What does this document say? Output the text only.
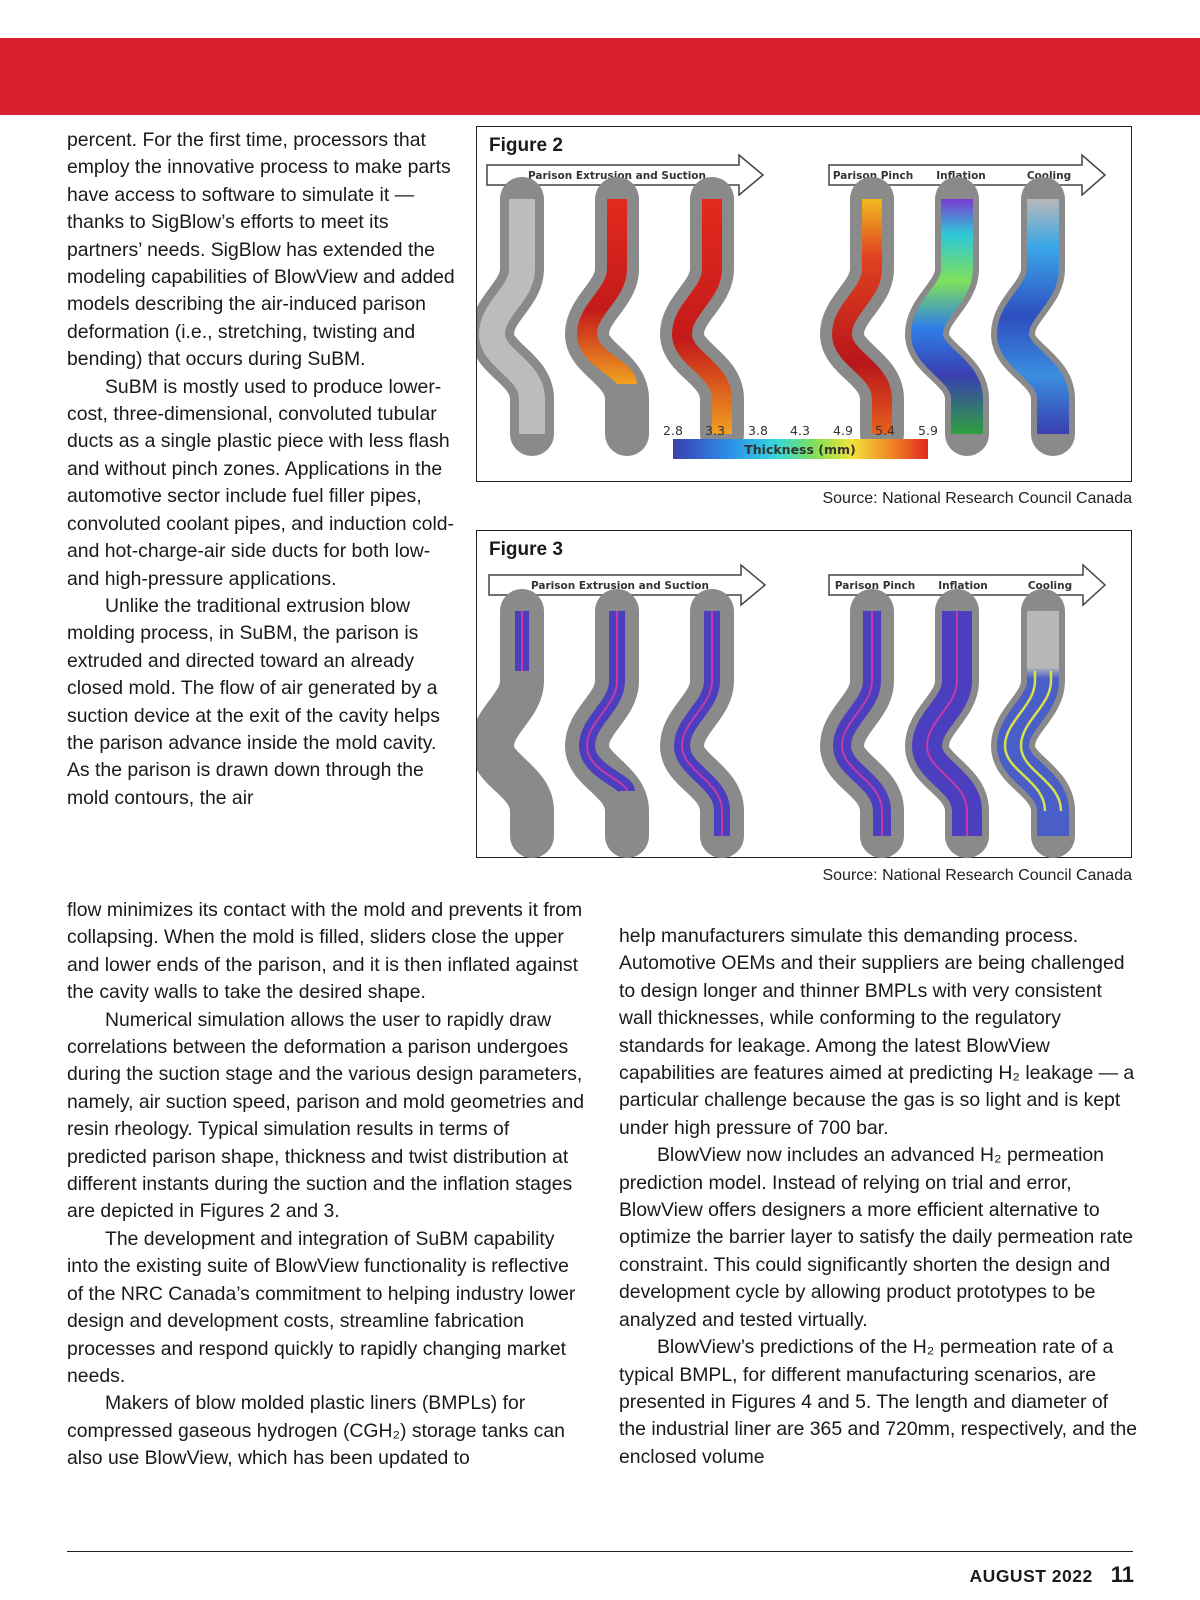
percent. For the first time, processors that employ the innovative process to make parts have access to software to simulate it — thanks to SigBlow’s efforts to meet its partners’ needs. SigBlow has extended the modeling capabilities of BlowView and added models describing the air-induced parison deformation (i.e., stretching, twisting and bending) that occurs during SuBM.

SuBM is mostly used to produce lower-cost, three-dimensional, convoluted tubular ducts as a single plastic piece with less flash and without pinch zones. Applications in the automotive sector include fuel filler pipes, convoluted coolant pipes, and induction cold- and hot-charge-air side ducts for both low- and high-pressure applications.

Unlike the traditional extrusion blow molding process, in SuBM, the parison is extruded and directed toward an already closed mold. The flow of air generated by a suction device at the exit of the cavity helps the parison advance inside the mold cavity. As the parison is drawn down through the mold contours, the air

flow minimizes its contact with the mold and prevents it from collapsing. When the mold is filled, sliders close the upper and lower ends of the parison, and it is then inflated against the cavity walls to take the desired shape.

Numerical simulation allows the user to rapidly draw correlations between the deformation a parison undergoes during the suction stage and the various design parameters, namely, air suction speed, parison and mold geometries and resin rheology. Typical simulation results in terms of predicted parison shape, thickness and twist distribution at different instants during the suction and the inflation stages are depicted in Figures 2 and 3.

The development and integration of SuBM capability into the existing suite of BlowView functionality is reflective of the NRC Canada’s commitment to helping industry lower design and development costs, streamline fabrication processes and respond quickly to rapidly changing market needs.

Makers of blow molded plastic liners (BMPLs) for compressed gaseous hydrogen (CGH₂) storage tanks can also use BlowView, which has been updated to

help manufacturers simulate this demanding process. Automotive OEMs and their suppliers are being challenged to design longer and thinner BMPLs with very consistent wall thicknesses, while conforming to the regulatory standards for leakage. Among the latest BlowView capabilities are features aimed at predicting H₂ leakage — a particular challenge because the gas is so light and is kept under high pressure of 700 bar.

BlowView now includes an advanced H₂ permeation prediction model. Instead of relying on trial and error, BlowView offers designers a more efficient alternative to optimize the barrier layer to satisfy the daily permeation rate constraint. This could significantly shorten the design and development cycle by allowing product prototypes to be analyzed and tested virtually.

BlowView’s predictions of the H₂ permeation rate of a typical BMPL, for different manufacturing scenarios, are presented in Figures 4 and 5. The length and diameter of the industrial liner are 365 and 720mm, respectively, and the enclosed volume

Parison Extrusion and Suction	Parison Pinch Inflation	Cooling
2.8 3.3 3.8 4.3 4.9 5.4 5.9
Thickness (mm)
Figure 2
Source: National Research Council Canada
Parison Extrusion and Suction	Parison Pinch Inflation	Cooling
Figure 3
Source: National Research Council Canada
AUGUST 2022 11
